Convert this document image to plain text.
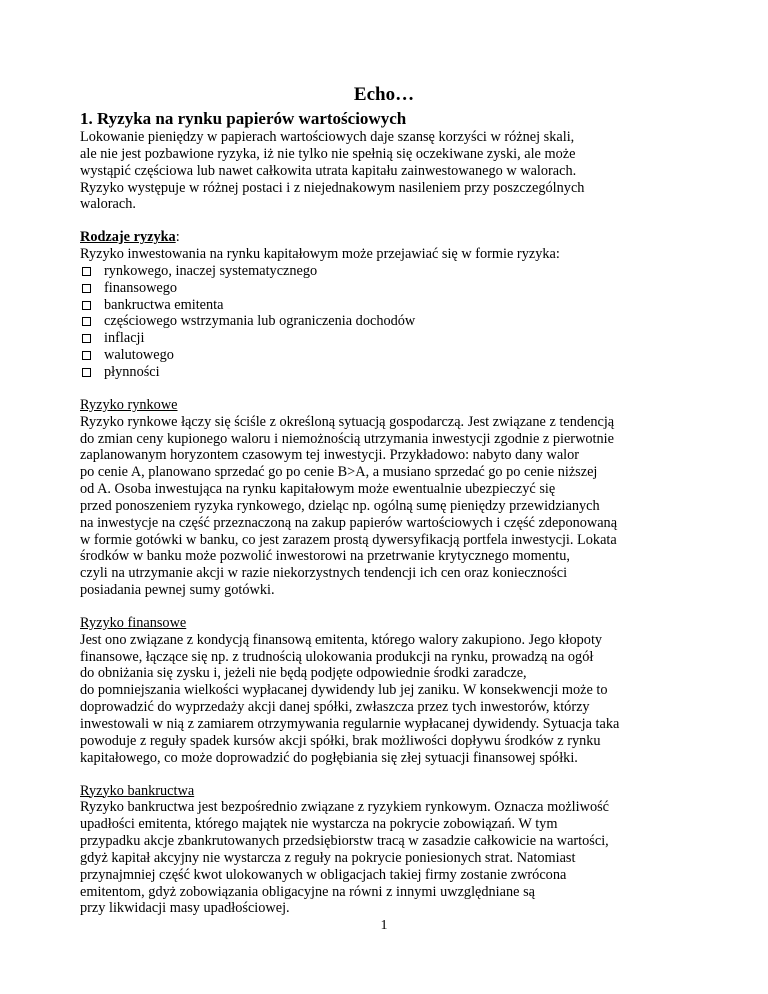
Echo…
1. Ryzyka na rynku papierów wartościowych
Lokowanie pieniędzy w papierach wartościowych daje szansę korzyści w różnej skali,
ale nie jest pozbawione ryzyka, iż nie tylko nie spełnią się oczekiwane zyski, ale może
wystąpić częściowa lub nawet całkowita utrata kapitału zainwestowanego w walorach.
Ryzyko występuje w różnej postaci i z niejednakowym nasileniem przy poszczególnych
walorach.
Rodzaje ryzyka:
Ryzyko inwestowania na rynku kapitałowym może przejawiać się w formie ryzyka:
rynkowego, inaczej systematycznego
finansowego
bankructwa emitenta
częściowego wstrzymania lub ograniczenia dochodów
inflacji
walutowego
płynności
Ryzyko rynkowe
Ryzyko rynkowe łączy się ściśle z określoną sytuacją gospodarczą. Jest związane z tendencją
do zmian ceny kupionego waloru i niemożnością utrzymania inwestycji zgodnie z pierwotnie
zaplanowanym horyzontem czasowym tej inwestycji. Przykładowo: nabyto dany walor
po cenie A, planowano sprzedać go po cenie B>A, a musiano sprzedać go po cenie niższej
od A. Osoba inwestująca na rynku kapitałowym może ewentualnie ubezpieczyć się
przed ponoszeniem ryzyka rynkowego, dzieląc np. ogólną sumę pieniędzy przewidzianych
na inwestycje na część przeznaczoną na zakup papierów wartościowych i część zdeponowaną
w formie gotówki w banku, co jest zarazem prostą dywersyfikacją portfela inwestycji. Lokata
środków w banku może pozwolić inwestorowi na przetrwanie krytycznego momentu,
czyli na utrzymanie akcji w razie niekorzystnych tendencji ich cen oraz konieczności
posiadania pewnej sumy gotówki.
Ryzyko finansowe
Jest ono związane z kondycją finansową emitenta, którego walory zakupiono. Jego kłopoty
finansowe, łączące się np. z trudnością ulokowania produkcji na rynku, prowadzą na ogół
do obniżania się zysku i, jeżeli nie będą podjęte odpowiednie środki zaradcze,
do pomniejszania wielkości wypłacanej dywidendy lub jej zaniku. W konsekwencji może to
doprowadzić do wyprzedaży akcji danej spółki, zwłaszcza przez tych inwestorów, którzy
inwestowali w nią z zamiarem otrzymywania regularnie wypłacanej dywidendy. Sytuacja taka
powoduje z reguły spadek kursów akcji spółki, brak możliwości dopływu środków z rynku
kapitałowego, co może doprowadzić do pogłębiania się złej sytuacji finansowej spółki.
Ryzyko bankructwa
Ryzyko bankructwa jest bezpośrednio związane z ryzykiem rynkowym. Oznacza możliwość
upadłości emitenta, którego majątek nie wystarcza na pokrycie zobowiązań. W tym
przypadku akcje zbankrutowanych przedsiębiorstw tracą w zasadzie całkowicie na wartości,
gdyż kapitał akcyjny nie wystarcza z reguły na pokrycie poniesionych strat. Natomiast
przynajmniej część kwot ulokowanych w obligacjach takiej firmy zostanie zwrócona
emitentom, gdyż zobowiązania obligacyjne na równi z innymi uwzględniane są
przy likwidacji masy upadłościowej.
1
